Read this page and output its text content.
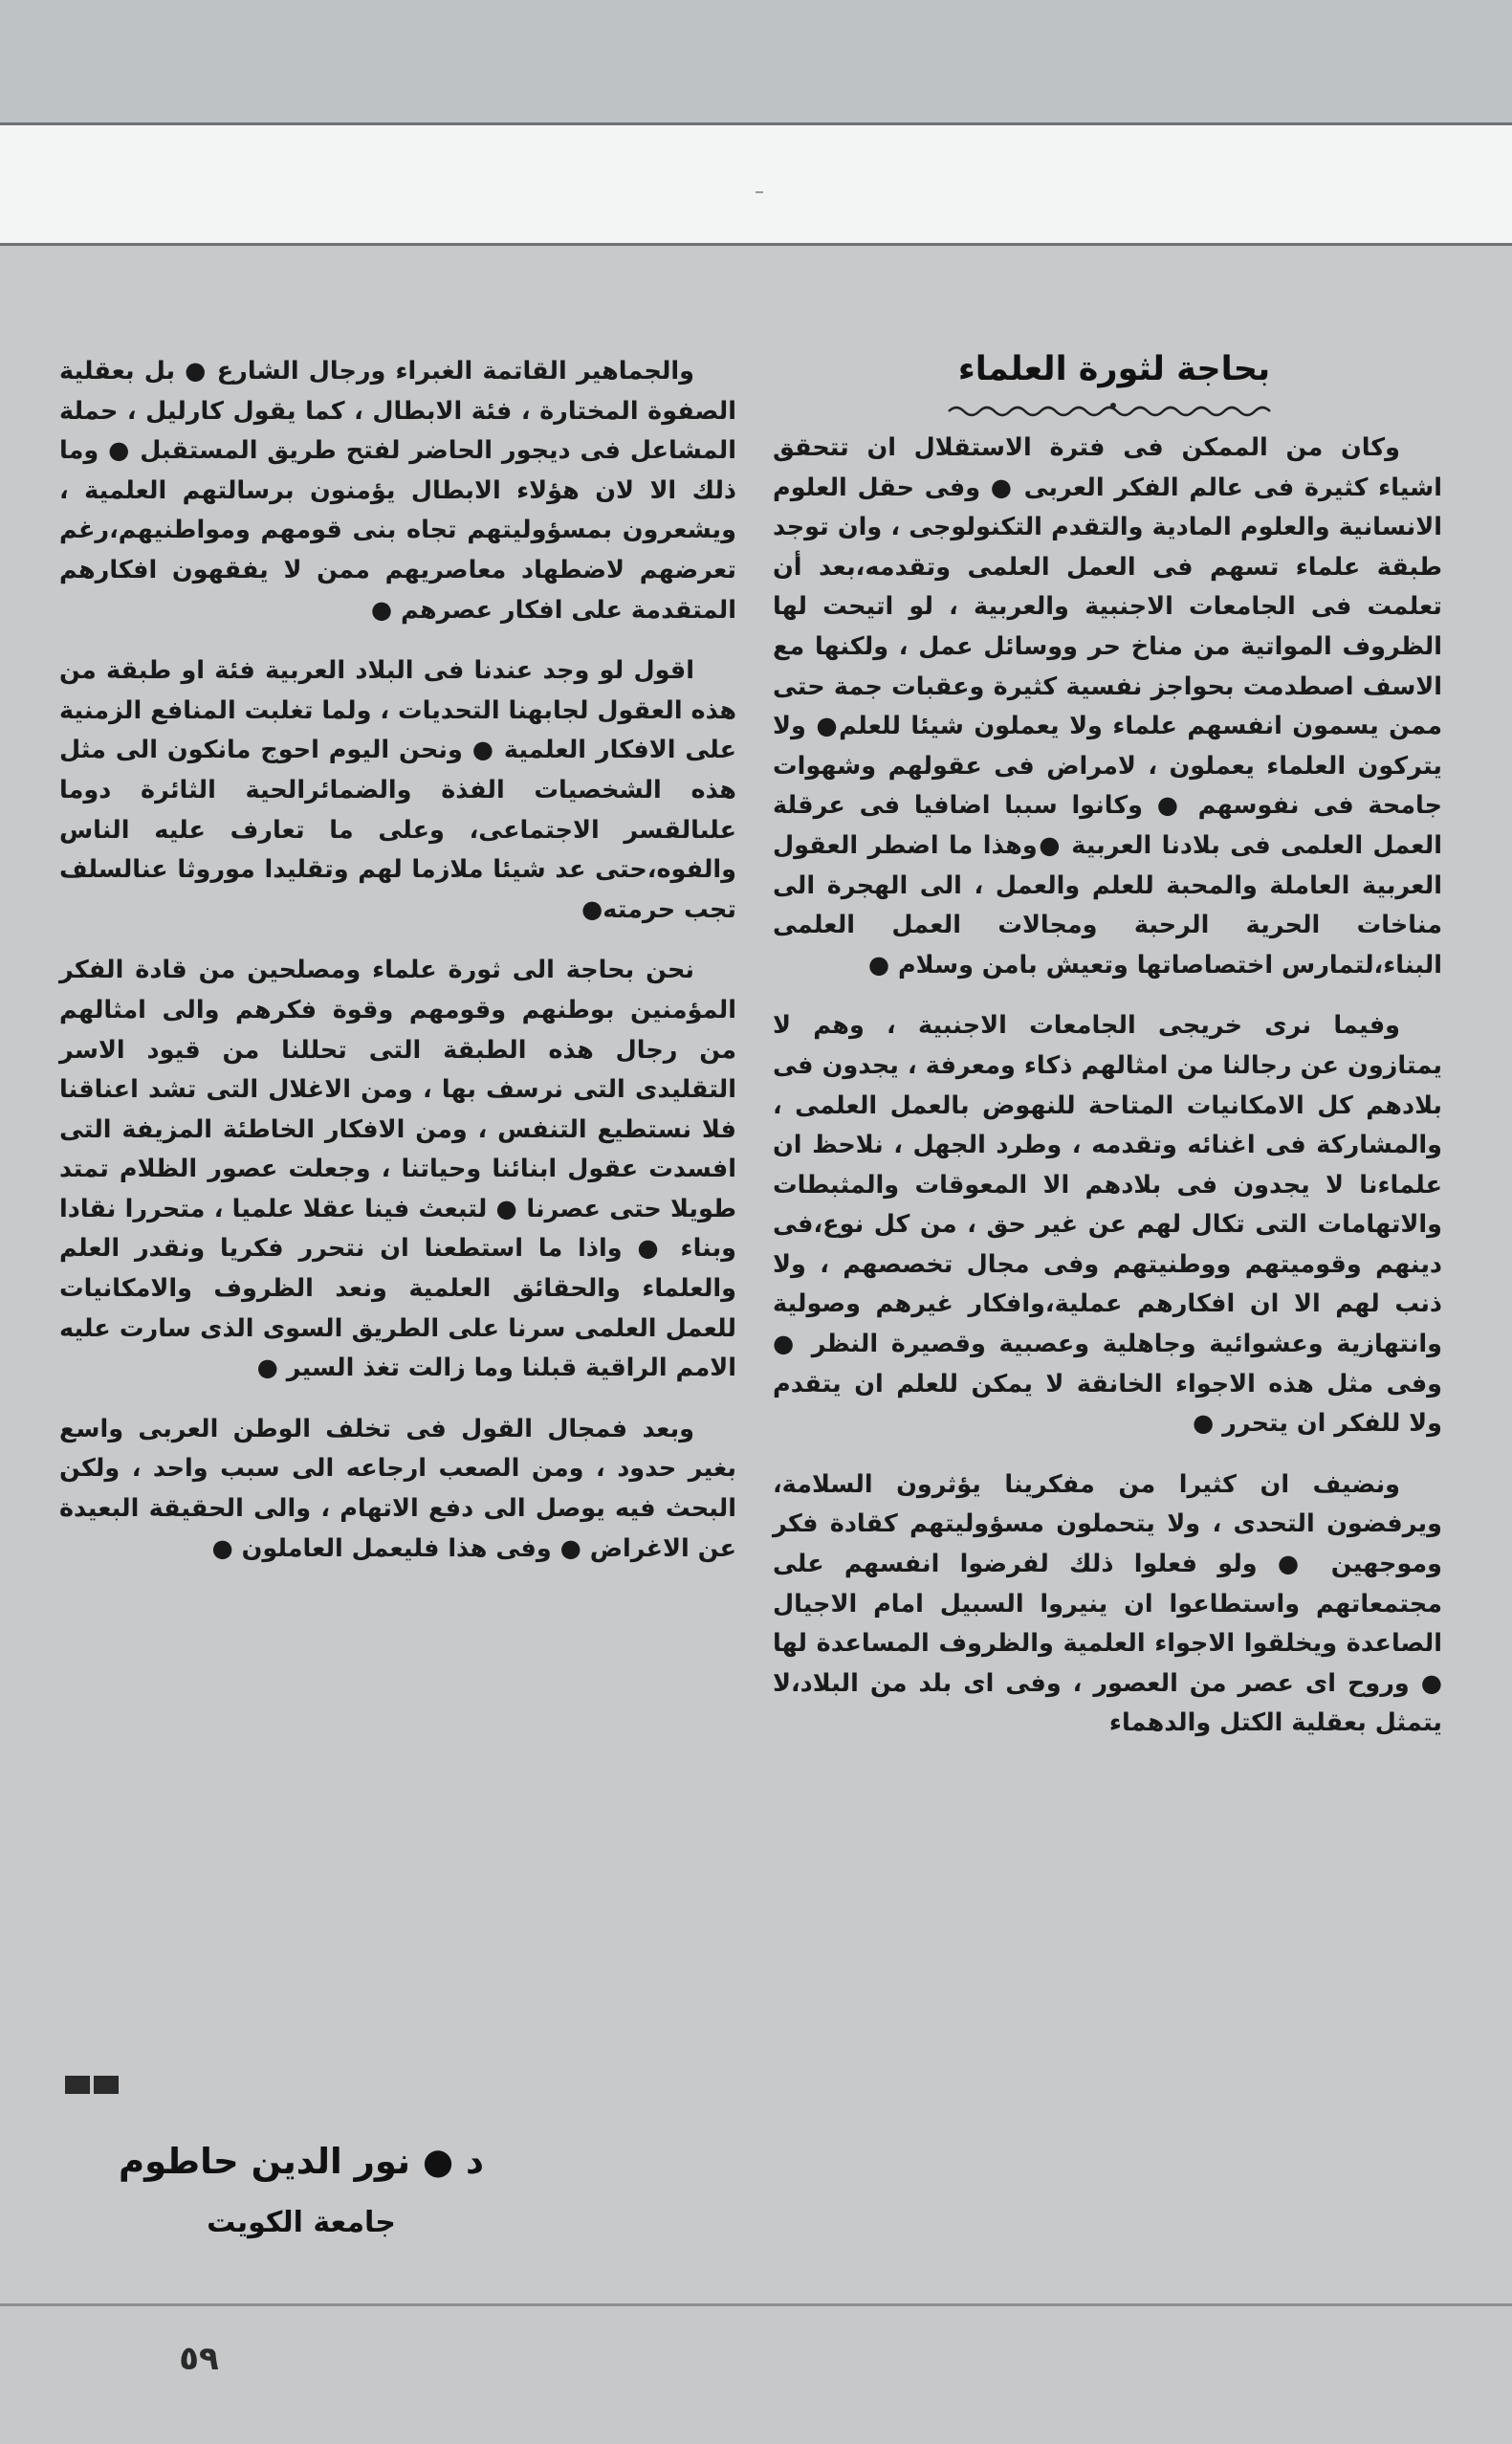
بحاجة لثورة العلماء

وكان من الممكن فى فترة الاستقلال ان تتحقق اشياء كثيرة فى عالم الفكر العربى ● وفى حقل العلوم الانسانية والعلوم المادية والتقدم التكنولوجى ، وان توجد طبقة علماء تسهم فى العمل العلمى وتقدمه،بعد أن تعلمت فى الجامعات الاجنبية والعربية ، لو اتيحت لها الظروف المواتية من مناخ حر ووسائل عمل ، ولكنها مع الاسف اصطدمت بحواجز نفسية كثيرة وعقبات جمة حتى ممن يسمون انفسهم علماء ولا يعملون شيئا للعلم● ولا يتركون العلماء يعملون ، لامراض فى عقولهم وشهوات جامحة فى نفوسهم ● وكانوا سببا اضافيا فى عرقلة العمل العلمى فى بلادنا العربية ●وهذا ما اضطر العقول العربية العاملة والمحبة للعلم والعمل ، الى الهجرة الى مناخات الحرية الرحبة ومجالات العمل العلمى البناء،لتمارس اختصاصاتها وتعيش بامن وسلام ●

وفيما نرى خريجى الجامعات الاجنبية ، وهم لا يمتازون عن رجالنا من امثالهم ذكاء ومعرفة ، يجدون فى بلادهم كل الامكانيات المتاحة للنهوض بالعمل العلمى ، والمشاركة فى اغنائه وتقدمه ، وطرد الجهل ، نلاحظ ان علماءنا لا يجدون فى بلادهم الا المعوقات والمثبطات والاتهامات التى تكال لهم عن غير حق ، من كل نوع،فى دينهم وقوميتهم ووطنيتهم وفى مجال تخصصهم ، ولا ذنب لهم الا ان افكارهم عملية،وافكار غيرهم وصولية وانتهازية وعشوائية وجاهلية وعصبية وقصيرة النظر ● وفى مثل هذه الاجواء الخانقة لا يمكن للعلم ان يتقدم ولا للفكر ان يتحرر ●

ونضيف ان كثيرا من مفكرينا يؤثرون السلامة، ويرفضون التحدى ، ولا يتحملون مسؤوليتهم كقادة فكر وموجهين ● ولو فعلوا ذلك لفرضوا انفسهم على مجتمعاتهم واستطاعوا ان ينيروا السبيل امام الاجيال الصاعدة ويخلقوا الاجواء العلمية والظروف المساعدة لها ● وروح اى عصر من العصور ، وفى اى بلد من البلاد،لا يتمثل بعقلية الكتل والدهماء

والجماهير القاتمة الغبراء ورجال الشارع ● بل بعقلية الصفوة المختارة ، فئة الابطال ، كما يقول كارليل ، حملة المشاعل فى ديجور الحاضر لفتح طريق المستقبل ● وما ذلك الا لان هؤلاء الابطال يؤمنون برسالتهم العلمية ، ويشعرون بمسؤوليتهم تجاه بنى قومهم ومواطنيهم،رغم تعرضهم لاضطهاد معاصريهم ممن لا يفقهون افكارهم المتقدمة على افكار عصرهم ●

اقول لو وجد عندنا فى البلاد العربية فئة او طبقة من هذه العقول لجابهنا التحديات ، ولما تغلبت المنافع الزمنية على الافكار العلمية ● ونحن اليوم احوج مانكون الى مثل هذه الشخصيات الفذة والضمائرالحية الثائرة دوما علىالقسر الاجتماعى، وعلى ما تعارف عليه الناس والفوه،حتى عد شيئا ملازما لهم وتقليدا موروثا عنالسلف تجب حرمته●

نحن بحاجة الى ثورة علماء ومصلحين من قادة الفكر المؤمنين بوطنهم وقومهم وقوة فكرهم والى امثالهم من رجال هذه الطبقة التى تحللنا من قيود الاسر التقليدى التى نرسف بها ، ومن الاغلال التى تشد اعناقنا فلا نستطيع التنفس ، ومن الافكار الخاطئة المزيفة التى افسدت عقول ابنائنا وحياتنا ، وجعلت عصور الظلام تمتد طويلا حتى عصرنا ● لتبعث فينا عقلا علميا ، متحررا نقادا وبناء ● واذا ما استطعنا ان نتحرر فكريا ونقدر العلم والعلماء والحقائق العلمية ونعد الظروف والامكانيات للعمل العلمى سرنا على الطريق السوى الذى سارت عليه الامم الراقية قبلنا وما زالت تغذ السير ●

وبعد فمجال القول فى تخلف الوطن العربى واسع بغير حدود ، ومن الصعب ارجاعه الى سبب واحد ، ولكن البحث فيه يوصل الى دفع الاتهام ، والى الحقيقة البعيدة عن الاغراض ● وفى هذا فليعمل العاملون ●

د ● نور الدين حاطوم
جامعة الكويت
٥٩
